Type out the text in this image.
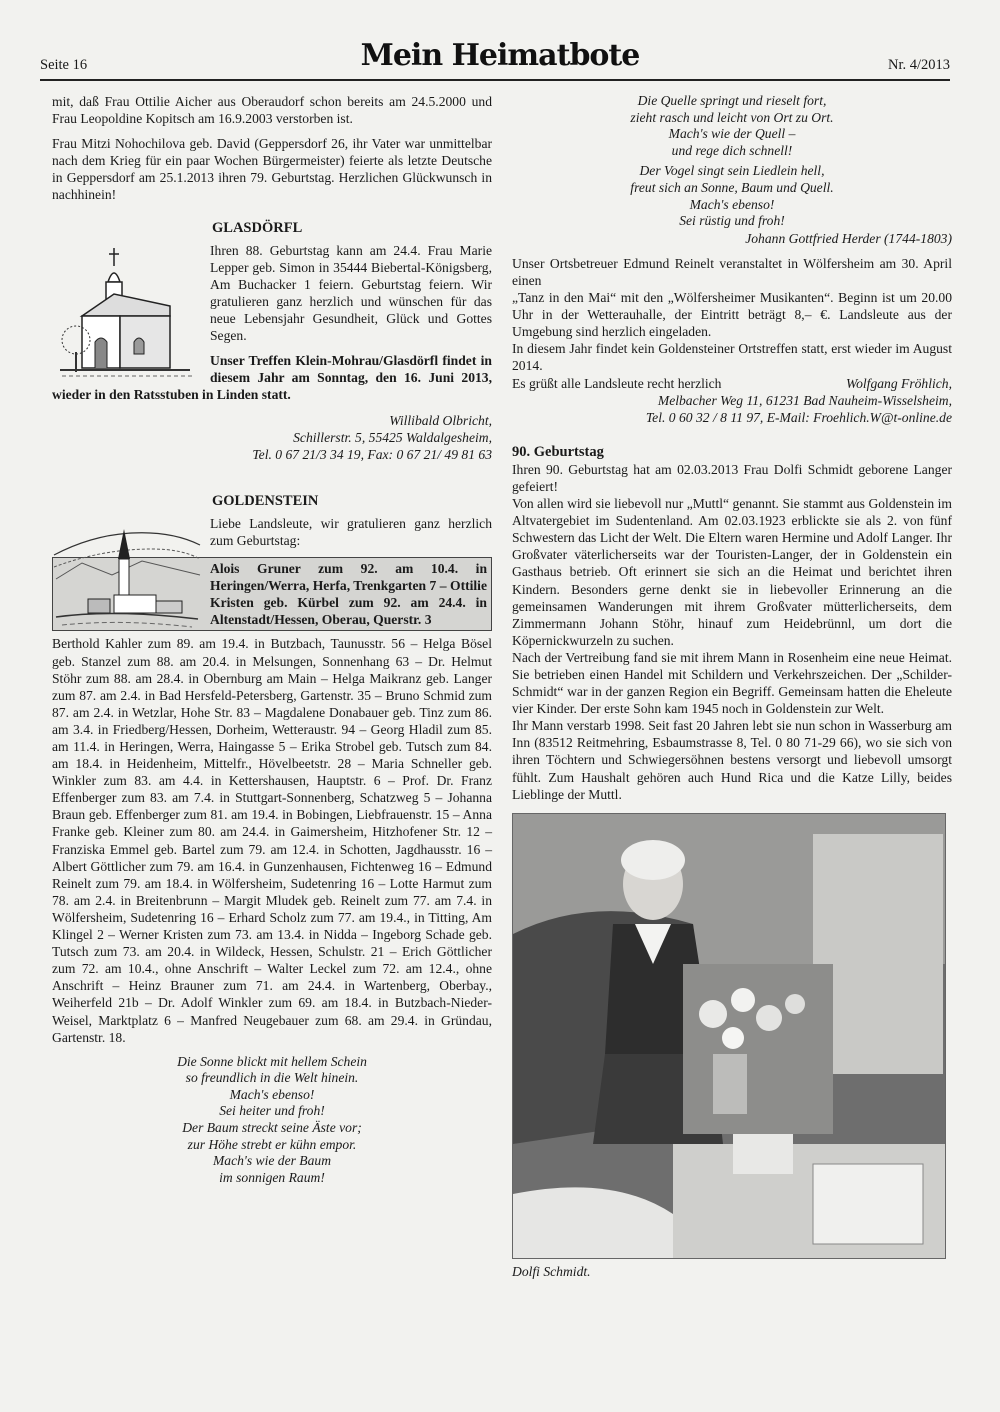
Seite 16	Mein Heimatbote	Nr. 4/2013

mit, daß Frau Ottilie Aicher aus Oberaudorf schon bereits am 24.5.2000 und Frau Leopoldine Kopitsch am 16.9.2003 verstorben ist.

Frau Mitzi Nohochilova geb. David (Geppersdorf 26, ihr Vater war unmittelbar nach dem Krieg für ein paar Wochen Bürgermeister) feierte als letzte Deutsche in Geppersdorf am 25.1.2013 ihren 79. Geburtstag. Herzlichen Glückwunsch in nachhinein!

GLASDÖRFL

Ihren 88. Geburtstag kann am 24.4. Frau Marie Lepper geb. Simon in 35444 Biebertal-Königsberg, Am Buchacker 1 feiern. Geburtstag feiern. Wir gratulieren ganz herzlich und wünschen für das neue Lebensjahr Gesundheit, Glück und Gottes Segen.

Unser Treffen Klein-Mohrau/Glasdörfl findet in diesem Jahr am Sonntag, den 16. Juni 2013, wieder in den Ratsstuben in Linden statt.

Willibald Olbricht,

Schillerstr. 5, 55425 Waldalgesheim,

Tel. 0 67 21/3 34 19, Fax: 0 67 21/ 49 81 63

GOLDENSTEIN

Liebe Landsleute, wir gratulieren ganz herzlich zum Geburtstag:

Alois Gruner zum 92. am 10.4. in Heringen/Werra, Herfa, Trenkgarten 7 – Ottilie Kristen geb. Kürbel zum 92. am 24.4. in Altenstadt/Hessen, Oberau, Querstr. 3

Berthold Kahler zum 89. am 19.4. in Butzbach, Taunusstr. 56 – Helga Bösel geb. Stanzel zum 88. am 20.4. in Melsungen, Sonnenhang 63 – Dr. Helmut Stöhr zum 88. am 28.4. in Obernburg am Main – Helga Maikranz geb. Langer zum 87. am 2.4. in Bad Hersfeld-Petersberg, Gartenstr. 35 – Bruno Schmid zum 87. am 2.4. in Wetzlar, Hohe Str. 83 – Magdalene Donabauer geb. Tinz zum 86. am 3.4. in Friedberg/Hessen, Dorheim, Wetteraustr. 94 – Georg Hladil zum 85. am 11.4. in Heringen, Werra, Haingasse 5 – Erika Strobel geb. Tutsch zum 84. am 18.4. in Heidenheim, Mittelfr., Hövelbeetstr. 28 – Maria Schneller geb. Winkler zum 83. am 4.4. in Kettershausen, Hauptstr. 6 – Prof. Dr. Franz Effenberger zum 83. am 7.4. in Stuttgart-Sonnenberg, Schatzweg 5 – Johanna Braun geb. Effenberger zum 81. am 19.4. in Bobingen, Liebfrauenstr. 15 – Anna Franke geb. Kleiner zum 80. am 24.4. in Gaimersheim, Hitzhofener Str. 12 – Franziska Emmel geb. Bartel zum 79. am 12.4. in Schotten, Jagdhausstr. 16 – Albert Göttlicher zum 79. am 16.4. in Gunzenhausen, Fichtenweg 16 – Edmund Reinelt zum 79. am 18.4. in Wölfersheim, Sudetenring 16 – Lotte Harmut zum 78. am 2.4. in Breitenbrunn – Margit Mludek geb. Reinelt zum 77. am 7.4. in Wölfersheim, Sudetenring 16 – Erhard Scholz zum 77. am 19.4., in Titting, Am Klingel 2 – Werner Kristen zum 73. am 13.4. in Nidda – Ingeborg Schade geb. Tutsch zum 73. am 20.4. in Wildeck, Hessen, Schulstr. 21 – Erich Göttlicher zum 72. am 10.4., ohne Anschrift – Walter Leckel zum 72. am 12.4., ohne Anschrift – Heinz Brauner zum 71. am 24.4. in Wartenberg, Oberbay., Weiherfeld 21b – Dr. Adolf Winkler zum 69. am 18.4. in Butzbach-Nieder-Weisel, Marktplatz 6 – Manfred Neugebauer zum 68. am 29.4. in Gründau, Gartenstr. 18.

Die Sonne blickt mit hellem Schein
so freundlich in die Welt hinein.
Mach's ebenso!
Sei heiter und froh!
Der Baum streckt seine Äste vor;
zur Höhe strebt er kühn empor.
Mach's wie der Baum
im sonnigen Raum!
Die Quelle springt und rieselt fort,
zieht rasch und leicht von Ort zu Ort.
Mach's wie der Quell –
und rege dich schnell!
Der Vogel singt sein Liedlein hell,
freut sich an Sonne, Baum und Quell.
Mach's ebenso!
Sei rüstig und froh!

Johann Gottfried Herder (1744-1803)

Unser Ortsbetreuer Edmund Reinelt veranstaltet in Wölfersheim am 30. April einen

„Tanz in den Mai“ mit den „Wölfersheimer Musikanten“. Beginn ist um 20.00 Uhr in der Wetterauhalle, der Eintritt beträgt 8,– €. Landsleute aus der Umgebung sind herzlich eingeladen.

In diesem Jahr findet kein Goldensteiner Ortstreffen statt, erst wieder im August 2014.

Es grüßt alle Landsleute recht herzlich	Wolfgang Fröhlich,

Melbacher Weg 11, 61231 Bad Nauheim-Wisselsheim,

Tel. 0 60 32 / 8 11 97, E-Mail: Froehlich.W@t-online.de

90. Geburtstag

Ihren 90. Geburtstag hat am 02.03.2013 Frau Dolfi Schmidt geborene Langer gefeiert!

Von allen wird sie liebevoll nur „Muttl“ genannt. Sie stammt aus Goldenstein im Altvatergebiet im Sudentenland. Am 02.03.1923 erblickte sie als 2. von fünf Schwestern das Licht der Welt. Die Eltern waren Hermine und Adolf Langer. Ihr Großvater väterlicherseits war der Touristen-Langer, der in Goldenstein ein Gasthaus betrieb. Oft erinnert sie sich an die Heimat und berichtet ihren Kindern. Besonders gerne denkt sie in liebevoller Erinnerung an die gemeinsamen Wanderungen mit ihrem Großvater mütterlicherseits, dem Zimmermann Johann Stöhr, hinauf zum Heidebrünnl, um dort die Köpernickwurzeln zu suchen.

Nach der Vertreibung fand sie mit ihrem Mann in Rosenheim eine neue Heimat. Sie betrieben einen Handel mit Schildern und Verkehrszeichen. Der „Schilder-Schmidt“ war in der ganzen Region ein Begriff. Gemeinsam hatten die Eheleute vier Kinder. Der erste Sohn kam 1945 noch in Goldenstein zur Welt.

Ihr Mann verstarb 1998. Seit fast 20 Jahren lebt sie nun schon in Wasserburg am Inn (83512 Reitmehring, Esbaumstrasse 8, Tel. 0 80 71-29 66), wo sie sich von ihren Töchtern und Schwiegersöhnen bestens versorgt und liebevoll umsorgt fühlt. Zum Haushalt gehören auch Hund Rica und die Katze Lilly, beides Lieblinge der Muttl.

Dolfi Schmidt.
